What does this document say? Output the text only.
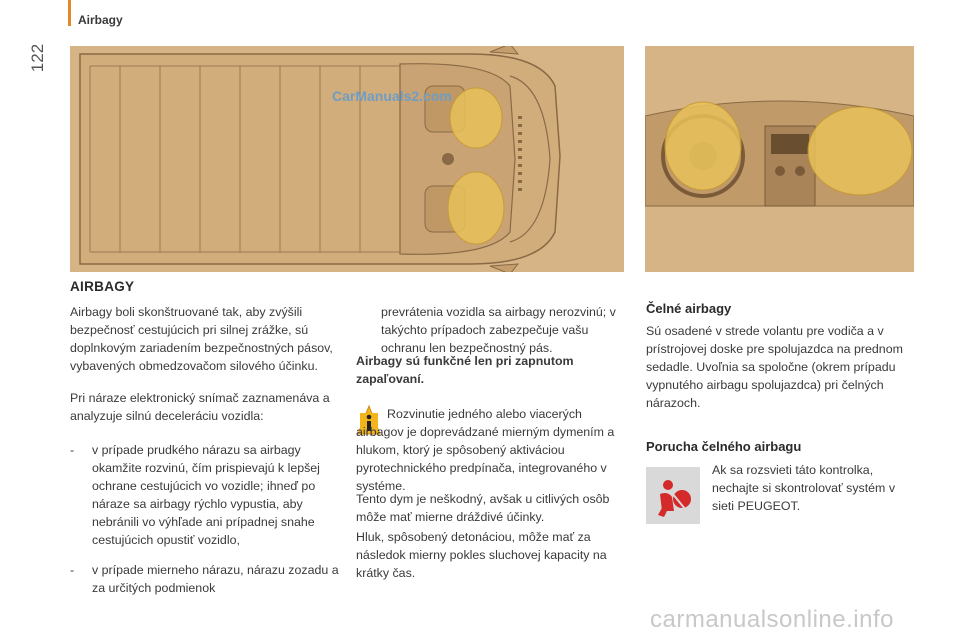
Airbagy
122
CarManuals2.com
AIRBAGY
Airbagy boli skonštruované tak, aby zvýšili bezpečnosť cestujúcich pri silnej zrážke, sú doplnkovým zariadením bezpečnostných pásov, vybavených obmedzovačom silového účinku.
Pri náraze elektronický snímač zaznamenáva a analyzuje silnú deceleráciu vozidla:
- v prípade prudkého nárazu sa airbagy okamžite rozvinú, čím prispievajú k lepšej ochrane cestujúcich vo vozidle; ihneď po náraze sa airbagy rýchlo vypustia, aby nebránili vo výhľade ani prípadnej snahe cestujúcich opustiť vozidlo,
- v prípade mierneho nárazu, nárazu zozadu a za určitých podmienok
prevrátenia vozidla sa airbagy nerozvinú; v takýchto prípadoch zabezpečuje vašu ochranu len bezpečnostný pás.
Airbagy sú funkčné len pri zapnutom zapaľovaní.
Rozvinutie jedného alebo viacerých airbagov je doprevádzané mierným dymením a hlukom, ktorý je spôsobený aktiváciou pyrotechnického predpínača, integrovaného v systéme.
Tento dym je neškodný, avšak u citlivých osôb môže mať mierne dráždivé účinky.
Hluk, spôsobený detonáciou, môže mať za následok mierny pokles sluchovej kapacity na krátky čas.
Čelné airbagy
Sú osadené v strede volantu pre vodiča a v prístrojovej doske pre spolujazdca na prednom sedadle. Uvoľnia sa spoločne (okrem prípadu vypnutého airbagu spolujazdca) pri čelných nárazoch.
Porucha čelného airbagu
Ak sa rozsvieti táto kontrolka, nechajte si skontrolovať systém v sieti PEUGEOT.
carmanualsonline.info
